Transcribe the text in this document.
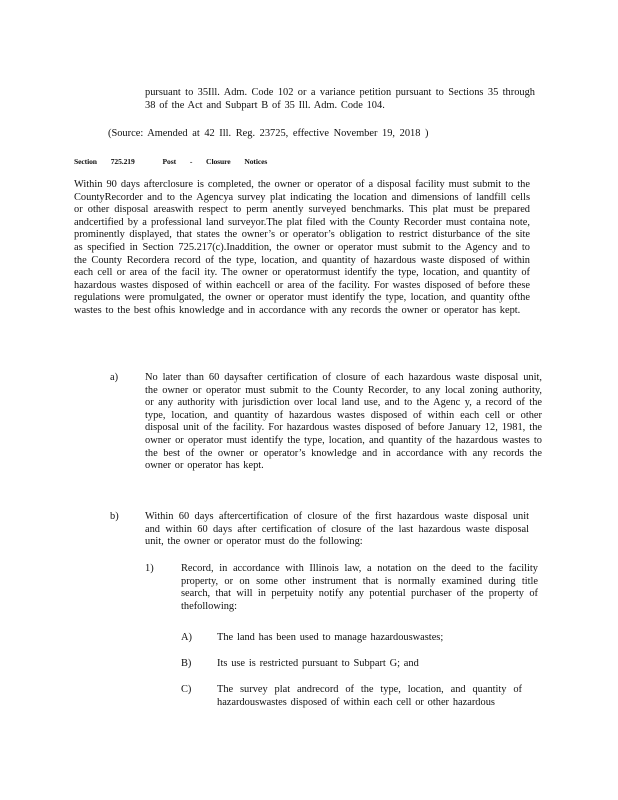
pursuant to 35Ill. Adm. Code 102 or a variance petition pursuant to Sections 35 through 38 of the Act and Subpart B of 35 Ill. Adm. Code 104.

(Source: Amended at 42 Ill. Reg. 23725, effective November 19, 2018 )
Section 725.219	Post - Closure Notices

Within 90 days afterclosure is completed, the owner or operator of a disposal facility must submit to the CountyRecorder and to the Agencya survey plat indicating the location and dimensions of landfill cells or other disposal areaswith respect to perm anently surveyed benchmarks. This plat must be prepared andcertified by a professional land surveyor.The plat filed with the County Recorder must containa note, prominently displayed, that states the owner’s or operator’s obligation to restrict disturbance of the site as specified in Section 725.217(c).Inaddition, the owner or operator must submit to the Agency and to the County Recordera record of the type, location, and quantity of hazardous waste disposed of within each cell or area of the facil ity. The owner or operatormust identify the type, location, and quantity of hazardous wastes disposed of within eachcell or area of the facility. For wastes disposed of before these regulations were promulgated, the owner or operator must identify the type, location, and quantity ofthe wastes to the best ofhis knowledge and in accordance with any records the owner or operator has kept.

a)	No later than 60 daysafter certification of closure of each hazardous waste disposal unit, the owner or operator must submit to the County Recorder, to any local zoning authority, or any authority with jurisdiction over local land use, and to the Agenc y, a record of the type, location, and quantity of hazardous wastes disposed of within each cell or other disposal unit of the facility. For hazardous wastes disposed of before January 12, 1981, the owner or operator must identify the type, location, and quantity of the hazardous wastes to the best of the owner or operator’s knowledge and in accordance with any records the owner or operator has kept.

b)	Within 60 days aftercertification of closure of the first hazardous waste disposal unit and within 60 days after certification of closure of the last hazardous waste disposal unit, the owner or operator must do the following:

1)	Record, in accordance with Illinois law, a notation on the deed to the facility property, or on some other instrument that is normally examined during title search, that will in perpetuity notify any potential purchaser of the property of thefollowing:

A) The land has been used to manage hazardouswastes;

B) Its use is restricted pursuant to Subpart G; and

C) The survey plat andrecord of the type, location, and quantity of hazardouswastes disposed of within each cell or other hazardous
